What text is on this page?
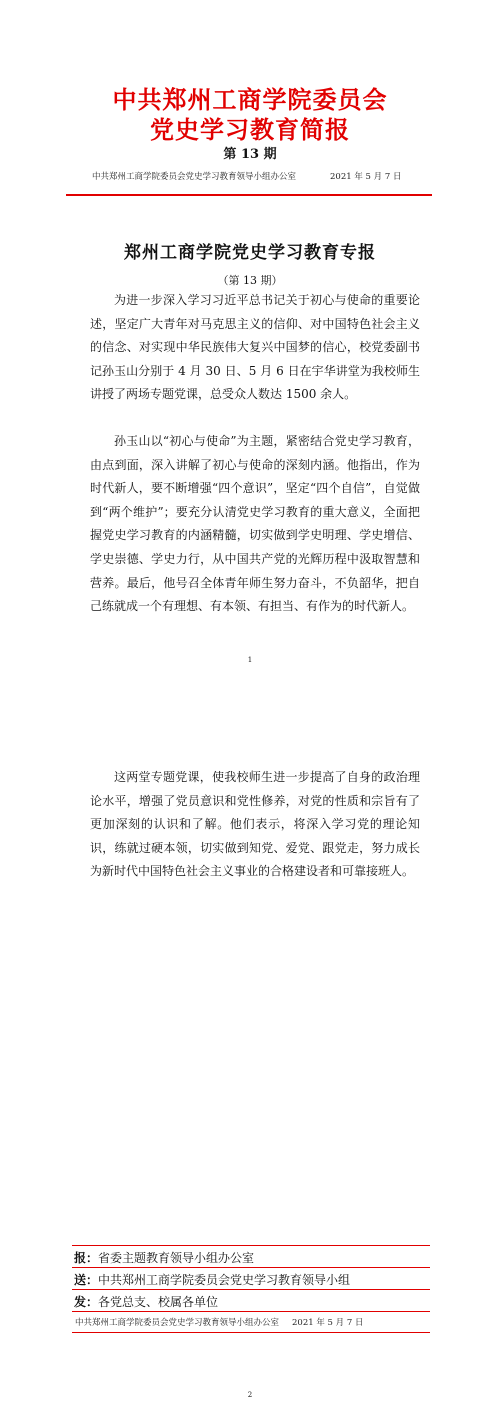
中共郑州工商学院委员会
党史学习教育简报
第 13 期
中共郑州工商学院委员会党史学习教育领导小组办公室	2021 年 5 月 7 日
郑州工商学院党史学习教育专报
（第 13 期）

为进一步深入学习习近平总书记关于初心与使命的重要论述，坚定广大青年对马克思主义的信仰、对中国特色社会主义的信念、对实现中华民族伟大复兴中国梦的信心，校党委副书记孙玉山分别于 4 月 30 日、5 月 6 日在宇华讲堂为我校师生讲授了两场专题党课，总受众人数达 1500 余人。

孙玉山以“初心与使命”为主题，紧密结合党史学习教育，由点到面，深入讲解了初心与使命的深刻内涵。他指出，作为时代新人，要不断增强“四个意识”，坚定“四个自信”，自觉做到“两个维护”；要充分认清党史学习教育的重大意义，全面把握党史学习教育的内涵精髓，切实做到学史明理、学史增信、学史崇德、学史力行，从中国共产党的光辉历程中汲取智慧和营养。最后，他号召全体青年师生努力奋斗，不负韶华，把自己练就成一个有理想、有本领、有担当、有作为的时代新人。

1

这两堂专题党课，使我校师生进一步提高了自身的政治理论水平，增强了党员意识和党性修养，对党的性质和宗旨有了更加深刻的认识和了解。他们表示，将深入学习党的理论知识，练就过硬本领，切实做到知党、爱党、跟党走，努力成长为新时代中国特色社会主义事业的合格建设者和可靠接班人。

报：省委主题教育领导小组办公室
送：中共郑州工商学院委员会党史学习教育领导小组
发：各党总支、校属各单位
中共郑州工商学院委员会党史学习教育领导小组办公室 2021 年 5 月 7 日
2
